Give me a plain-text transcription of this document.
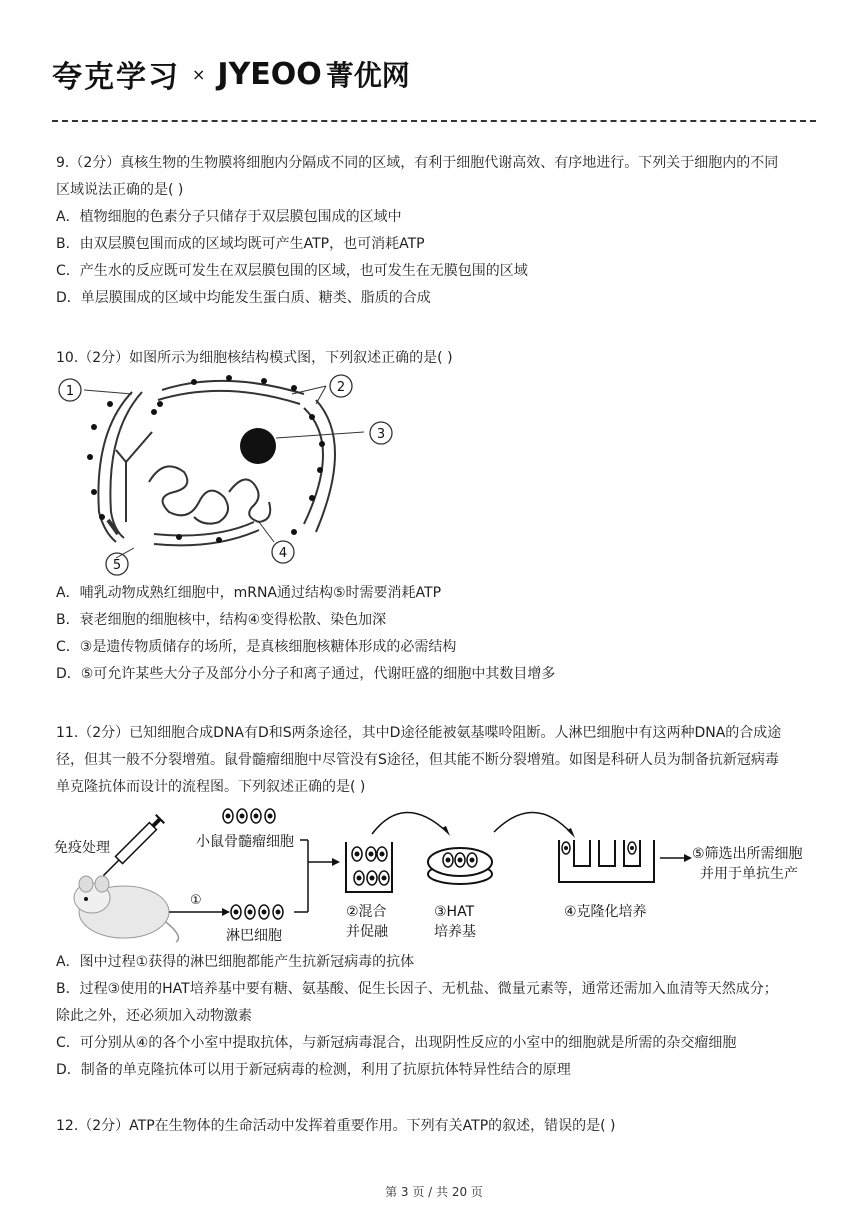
夸克学习 × JYEOO 菁优网

9.（2分）真核生物的生物膜将细胞内分隔成不同的区域，有利于细胞代谢高效、有序地进行。下列关于细胞内的不同

区域说法正确的是( )

A．植物细胞的色素分子只储存于双层膜包围成的区域中

B．由双层膜包围而成的区域均既可产生ATP，也可消耗ATP

C．产生水的反应既可发生在双层膜包围的区域，也可发生在无膜包围的区域

D．单层膜围成的区域中均能发生蛋白质、糖类、脂质的合成

10.（2分）如图所示为细胞核结构模式图，下列叙述正确的是( )

1	2
3
4
5

A．哺乳动物成熟红细胞中，mRNA通过结构⑤时需要消耗ATP

B．衰老细胞的细胞核中，结构④变得松散、染色加深

C．③是遗传物质储存的场所，是真核细胞核糖体形成的必需结构

D．⑤可允许某些大分子及部分小分子和离子通过，代谢旺盛的细胞中其数目增多

11.（2分）已知细胞合成DNA有D和S两条途径，其中D途径能被氨基喋呤阻断。人淋巴细胞中有这两种DNA的合成途

径，但其一般不分裂增殖。鼠骨髓瘤细胞中尽管没有S途径，但其能不断分裂增殖。如图是科研人员为制备抗新冠病毒

单克隆抗体而设计的流程图。下列叙述正确的是( )

免疫处理
①
小鼠骨髓瘤细胞
淋巴细胞
②混合
并促融
③HAT
培养基
④克隆化培养
⑤筛选出所需细胞
并用于单抗生产

A．图中过程①获得的淋巴细胞都能产生抗新冠病毒的抗体

B．过程③使用的HAT培养基中要有糖、氨基酸、促生长因子、无机盐、微量元素等，通常还需加入血清等天然成分；

除此之外，还必须加入动物激素

C．可分别从④的各个小室中提取抗体，与新冠病毒混合，出现阴性反应的小室中的细胞就是所需的杂交瘤细胞

D．制备的单克隆抗体可以用于新冠病毒的检测，利用了抗原抗体特异性结合的原理

12.（2分）ATP在生物体的生命活动中发挥着重要作用。下列有关ATP的叙述，错误的是( )

第 3 页 / 共 20 页
